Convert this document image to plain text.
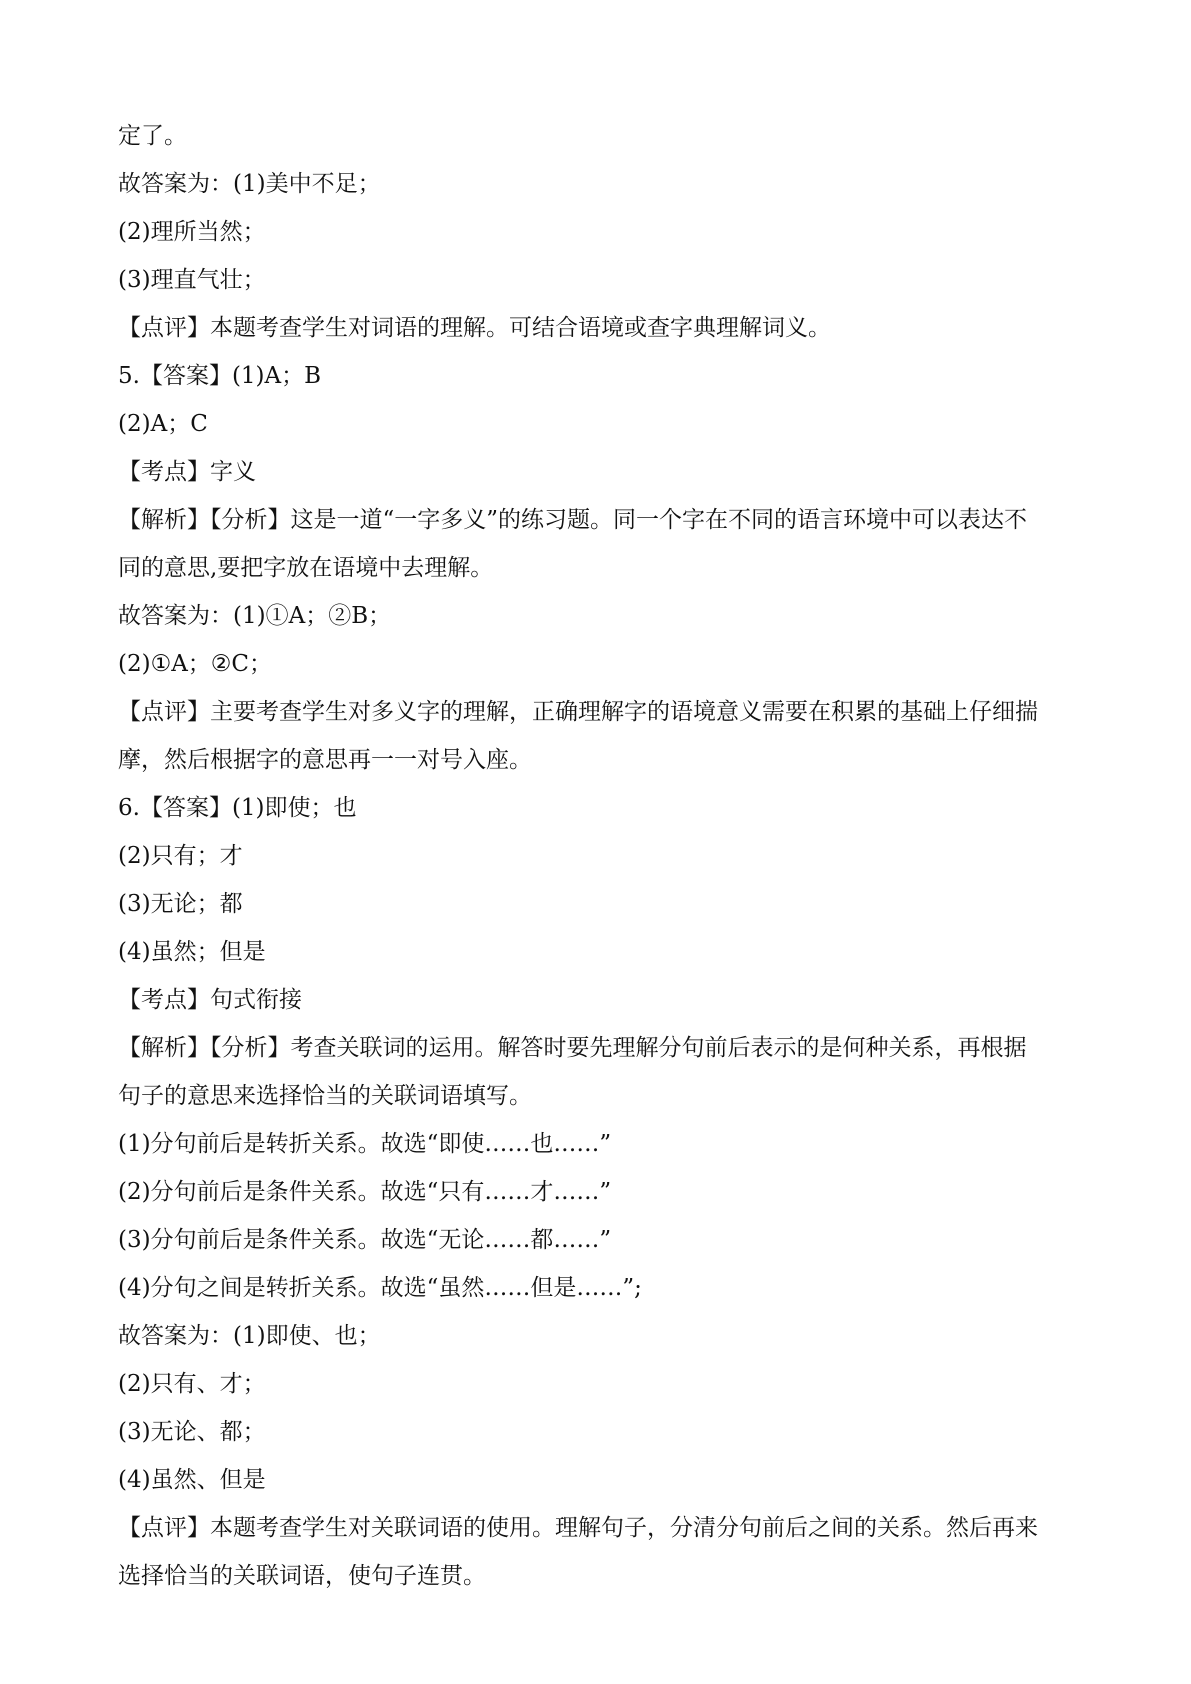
定了。
故答案为：(1)美中不足；
(2)理所当然；
(3)理直气壮；
【点评】本题考查学生对词语的理解。可结合语境或查字典理解词义。
5.【答案】(1)A；B
(2)A；C
【考点】字义
【解析】【分析】这是一道“一字多义”的练习题。同一个字在不同的语言环境中可以表达不
同的意思,要把字放在语境中去理解。
故答案为：(1)①A；②B；
(2)①A；②C；
【点评】主要考查学生对多义字的理解，正确理解字的语境意义需要在积累的基础上仔细揣
摩，然后根据字的意思再一一对号入座。
6.【答案】(1)即使；也
(2)只有；才
(3)无论；都
(4)虽然；但是
【考点】句式衔接
【解析】【分析】考查关联词的运用。解答时要先理解分句前后表示的是何种关系，再根据
句子的意思来选择恰当的关联词语填写。
(1)分句前后是转折关系。故选“即使……也……”
(2)分句前后是条件关系。故选“只有……才……”
(3)分句前后是条件关系。故选“无论……都……”
(4)分句之间是转折关系。故选“虽然……但是……”;
故答案为：(1)即使、也；
(2)只有、才；
(3)无论、都；
(4)虽然、但是
【点评】本题考查学生对关联词语的使用。理解句子，分清分句前后之间的关系。然后再来
选择恰当的关联词语，使句子连贯。
